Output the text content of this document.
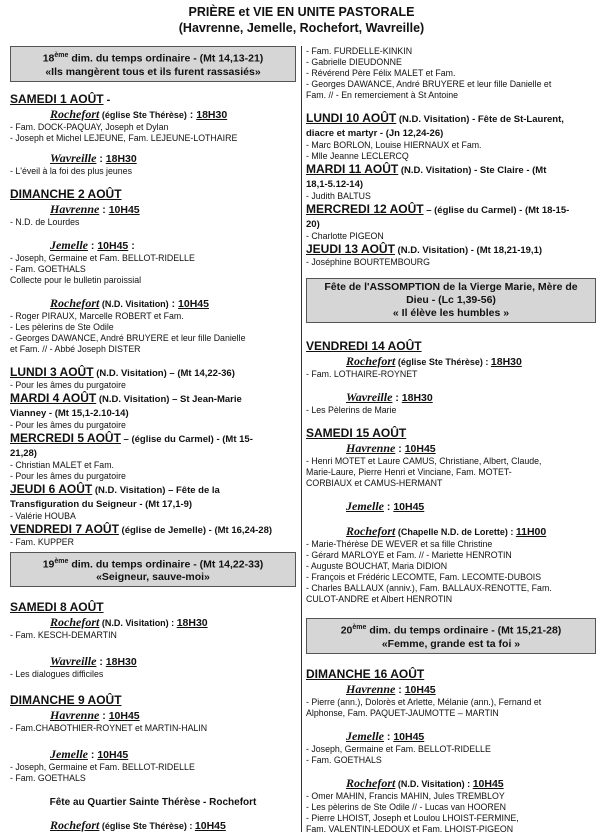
PRIÈRE et VIE EN UNITE PASTORALE
(Havrenne, Jemelle, Rochefort, Wavreille)
18ème dim. du temps ordinaire - (Mt 14,13-21)
«Ils mangèrent tous et ils furent rassasiés»
SAMEDI 1 AOÛT -
Rochefort (église Ste Thérèse) : 18H30
- Fam. DOCK-PAQUAY, Joseph et Dylan
- Joseph et Michel LEJEUNE, Fam. LEJEUNE-LOTHAIRE
Wavreille : 18H30
- L'éveil à la foi des plus jeunes
DIMANCHE 2 AOÛT
Havrenne : 10H45
- N.D. de Lourdes
Jemelle : 10H45 :
- Joseph, Germaine et Fam. BELLOT-RIDELLE
- Fam. GOETHALS
Collecte pour le bulletin paroissial
Rochefort (N.D. Visitation) : 10H45
- Roger PIRAUX, Marcelle ROBERT et Fam.
- Les pèlerins de Ste Odile
- Georges DAWANCE, André BRUYERE et leur fille Danielle
et Fam. // - Abbé Joseph DISTER
LUNDI 3 AOÛT (N.D. Visitation) – (Mt 14,22-36)
- Pour les âmes du purgatoire
MARDI 4 AOÛT (N.D. Visitation) – St Jean-Marie
Vianney - (Mt 15,1-2.10-14)
- Pour les âmes du purgatoire
MERCREDI 5 AOÛT – (église du Carmel) - (Mt 15-
21,28)
- Christian MALET et Fam.
- Pour les âmes du purgatoire
JEUDI 6 AOÛT (N.D. Visitation) – Fête de la
Transfiguration du Seigneur - (Mt 17,1-9)
- Valérie HOUBA
VENDREDI 7 AOÛT (église de Jemelle) - (Mt 16,24-28)
- Fam. KUPPER
19ème dim. du temps ordinaire - (Mt 14,22-33)
«Seigneur, sauve-moi»
SAMEDI 8 AOÛT
Rochefort (N.D. Visitation) : 18H30
- Fam. KESCH-DEMARTIN
Wavreille : 18H30
- Les dialogues difficiles
DIMANCHE 9 AOÛT
Havrenne : 10H45
- Fam.CHABOTHIER-ROYNET et MARTIN-HALIN
Jemelle : 10H45
- Joseph, Germaine et Fam. BELLOT-RIDELLE
- Fam. GOETHALS
Fête au Quartier Sainte Thérèse - Rochefort
Rochefort (église Ste Thérèse) : 10H45
- Fam. FURDELLE-KINKIN
- Gabrielle DIEUDONNE
- Révérend Père Félix MALET et Fam.
- Georges DAWANCE, André BRUYERE et leur fille Danielle et
Fam. // - En remerciement à St Antoine
LUNDI 10 AOÛT (N.D. Visitation) - Fête de St-Laurent,
diacre et martyr - (Jn 12,24-26)
- Marc BORLON, Louise HIERNAUX et Fam.
- Mlle Jeanne LECLERCQ
MARDI 11 AOÛT (N.D. Visitation) - Ste Claire - (Mt
18,1-5.12-14)
- Judith BALTUS
MERCREDI 12 AOÛT – (église du Carmel) - (Mt 18-15-
20)
- Charlotte PIGEON
JEUDI 13 AOÛT (N.D. Visitation) - (Mt 18,21-19,1)
- Joséphine BOURTEMBOURG
Fête de l'ASSOMPTION de la Vierge Marie, Mère de
Dieu - (Lc 1,39-56)
« Il élève les humbles »
VENDREDI 14 AOÛT
Rochefort (église Ste Thérèse) : 18H30
- Fam. LOTHAIRE-ROYNET
Wavreille : 18H30
- Les Pèlerins de Marie
SAMEDI 15 AOÛT
Havrenne : 10H45
- Henri MOTET et Laure CAMUS, Christiane, Albert, Claude,
Marie-Laure, Pierre Henri et Vinciane, Fam. MOTET-
CORBIAUX et CAMUS-HERMANT
Jemelle : 10H45
Rochefort (Chapelle N.D. de Lorette) : 11H00
- Marie-Thérèse DE WEVER et sa fille Christine
- Gérard MARLOYE et Fam. // - Mariette HENROTIN
- Auguste BOUCHAT, Maria DIDION
- François et Frédéric LECOMTE, Fam. LECOMTE-DUBOIS
- Charles BALLAUX (anniv.), Fam. BALLAUX-RENOTTE, Fam.
CULOT-ANDRE et Albert HENROTIN
20ème dim. du temps ordinaire - (Mt 15,21-28)
«Femme, grande est ta foi »
DIMANCHE 16 AOÛT
Havrenne : 10H45
- Pierre (ann.), Dolorès et Arlette, Mélanie (ann.), Fernand et
Alphonse, Fam. PAQUET-JAUMOTTE – MARTIN
Jemelle : 10H45
- Joseph, Germaine et Fam. BELLOT-RIDELLE
- Fam. GOETHALS
Rochefort (N.D. Visitation) : 10H45
- Omer MAHIN, Francis MAHIN, Jules TREMBLOY
- Les pèlerins de Ste Odile // - Lucas van HOOREN
- Pierre LHOIST, Joseph et Loulou LHOIST-FERMINE,
Fam. VALENTIN-LEDOUX et Fam. LHOIST-PIGEON
